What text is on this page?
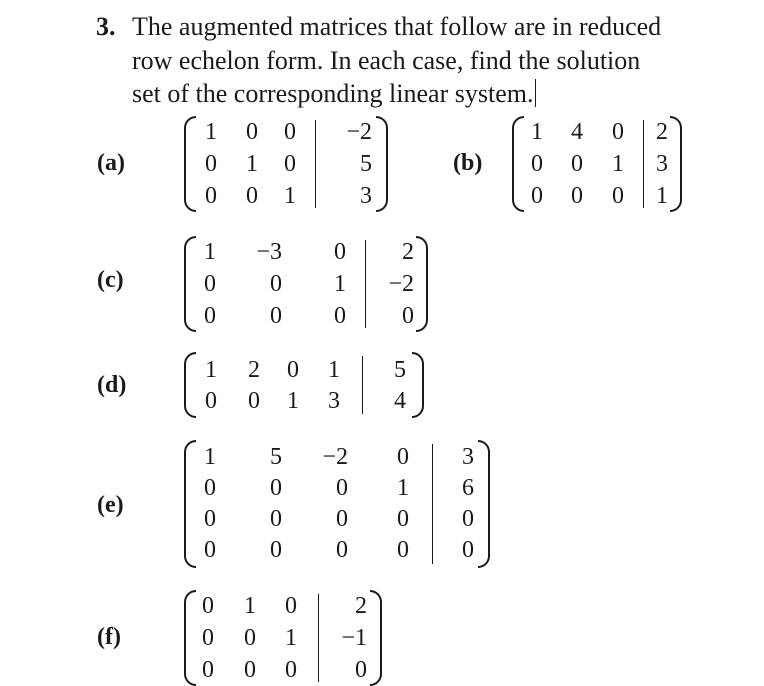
3. The augmented matrices that follow are in reduced
row echelon form. In each case, find the solution
set of the corresponding linear system.
(a)
1	0	0	−2
0	1	0	5
0	0	1	3
(b)
1	4	0	2
0	0	1	3
0	0	0	1
(c)
1	−3	0	2
0	0	1	−2
0	0	0	0
(d)
1	2	0	1	5
0	0	1	3	4
(e)
1	5	−2	0	3
0	0	0	1	6
0	0	0	0	0
0	0	0	0	0
(f)
0	1	0	2
0	0	1	−1
0	0	0	0
